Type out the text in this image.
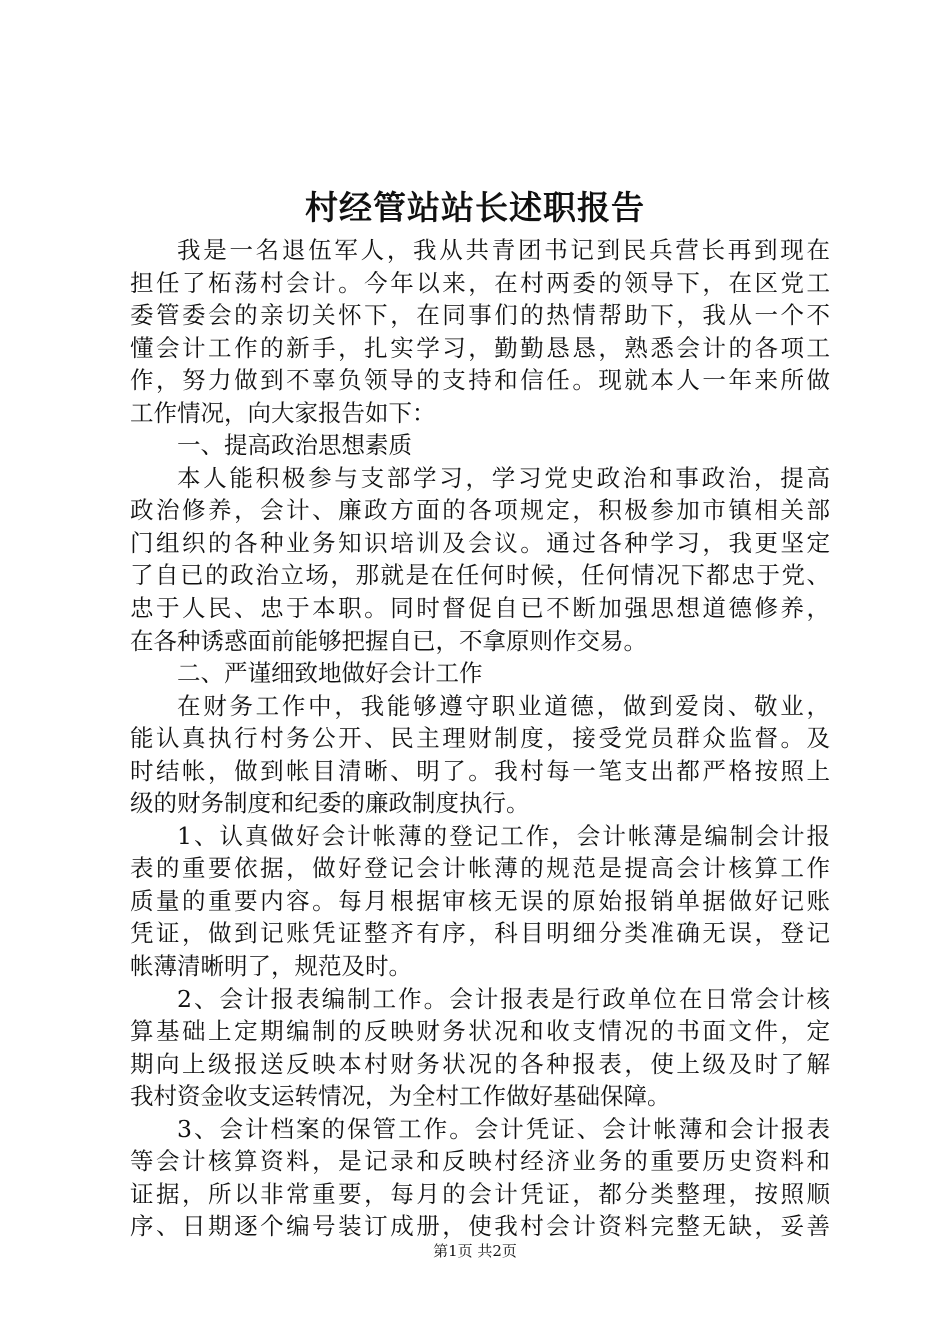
村经管站站长述职报告
我是一名退伍军人，我从共青团书记到民兵营长再到现在
担任了柘荡村会计。今年以来，在村两委的领导下，在区党工
委管委会的亲切关怀下，在同事们的热情帮助下，我从一个不
懂会计工作的新手，扎实学习，勤勤恳恳，熟悉会计的各项工
作，努力做到不辜负领导的支持和信任。现就本人一年来所做
工作情况，向大家报告如下：
一、提高政治思想素质
本人能积极参与支部学习，学习党史政治和事政治，提高
政治修养，会计、廉政方面的各项规定，积极参加市镇相关部
门组织的各种业务知识培训及会议。通过各种学习，我更坚定
了自已的政治立场，那就是在任何时候，任何情况下都忠于党、
忠于人民、忠于本职。同时督促自已不断加强思想道德修养，
在各种诱惑面前能够把握自已，不拿原则作交易。
二、严谨细致地做好会计工作
在财务工作中，我能够遵守职业道德，做到爱岗、敬业，
能认真执行村务公开、民主理财制度，接受党员群众监督。及
时结帐，做到帐目清晰、明了。我村每一笔支出都严格按照上
级的财务制度和纪委的廉政制度执行。
1、认真做好会计帐薄的登记工作，会计帐薄是编制会计报
表的重要依据，做好登记会计帐薄的规范是提高会计核算工作
质量的重要内容。每月根据审核无误的原始报销单据做好记账
凭证，做到记账凭证整齐有序，科目明细分类准确无误，登记
帐薄清晰明了，规范及时。
2、会计报表编制工作。会计报表是行政单位在日常会计核
算基础上定期编制的反映财务状况和收支情况的书面文件，定
期向上级报送反映本村财务状况的各种报表，使上级及时了解
我村资金收支运转情况，为全村工作做好基础保障。
3、会计档案的保管工作。会计凭证、会计帐薄和会计报表
等会计核算资料，是记录和反映村经济业务的重要历史资料和
证据，所以非常重要，每月的会计凭证，都分类整理，按照顺
序、日期逐个编号装订成册，使我村会计资料完整无缺，妥善
第1页 共2页
